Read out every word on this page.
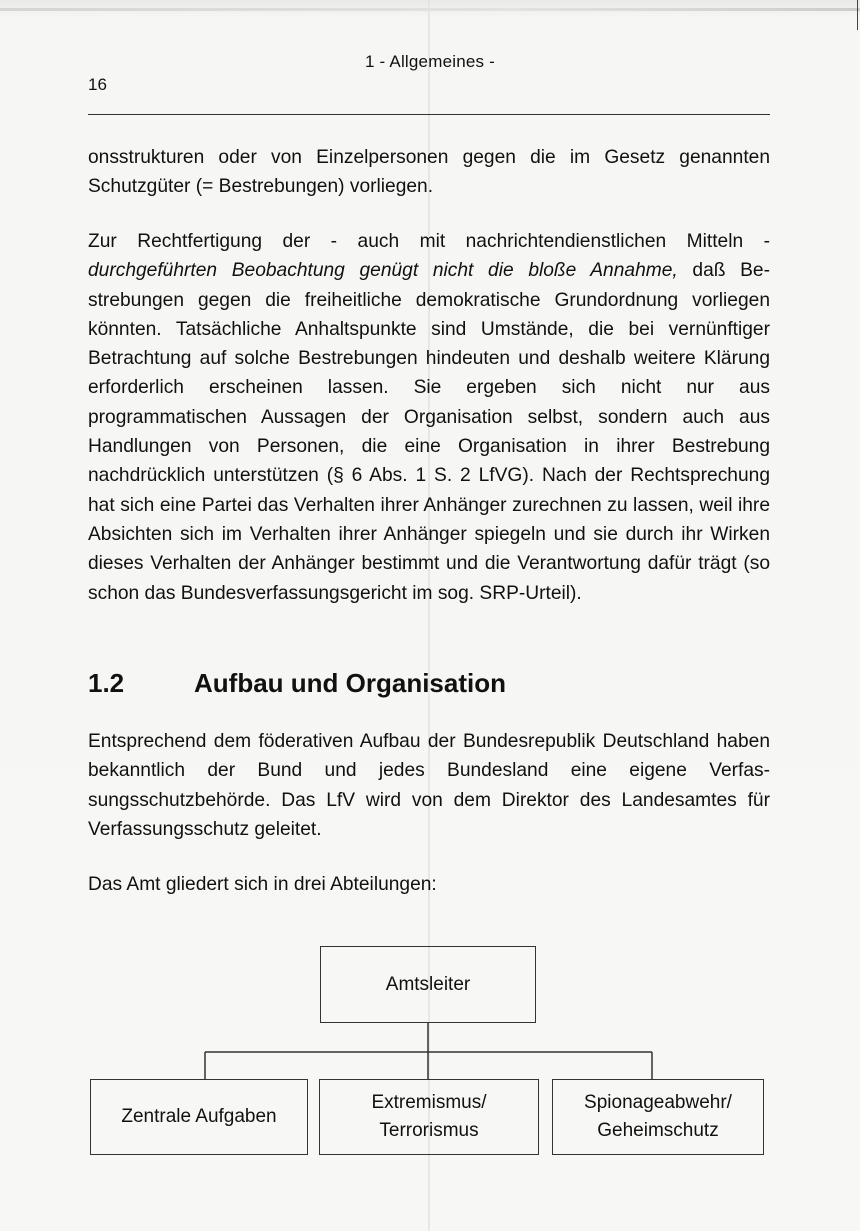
1 - Allgemeines -
16

onsstrukturen oder von Einzelpersonen gegen die im Gesetz genannten Schutzgüter (= Bestrebungen) vorliegen.

Zur Rechtfertigung der - auch mit nachrichtendienstlichen Mitteln - durchgeführten Beobachtung genügt nicht die bloße Annahme, daß Bestrebungen gegen die freiheitliche demokratische Grundordnung vorliegen könnten. Tatsächliche Anhaltspunkte sind Umstände, die bei vernünftiger Betrachtung auf solche Bestrebungen hindeuten und deshalb weitere Klärung erforderlich erscheinen lassen. Sie ergeben sich nicht nur aus programmatischen Aussagen der Organisation selbst, sondern auch aus Handlungen von Personen, die eine Organisation in ihrer Bestrebung nachdrücklich unterstützen (§ 6 Abs. 1 S. 2 LfVG). Nach der Rechtsprechung hat sich eine Partei das Verhalten ihrer Anhänger zurechnen zu lassen, weil ihre Absichten sich im Verhalten ihrer Anhänger spiegeln und sie durch ihr Wirken dieses Verhalten der Anhänger bestimmt und die Verantwortung dafür trägt (so schon das Bundesverfassungsgericht im sog. SRP-Urteil).

1.2	Aufbau und Organisation

Entsprechend dem föderativen Aufbau der Bundesrepublik Deutschland haben bekanntlich der Bund und jedes Bundesland eine eigene Verfassungsschutzbehörde. Das LfV wird von dem Direktor des Landesamtes für Verfassungsschutz geleitet.

Das Amt gliedert sich in drei Abteilungen:

Amtsleiter
Zentrale Aufgaben
Extremismus/
Terrorismus
Spionageabwehr/
Geheimschutz
